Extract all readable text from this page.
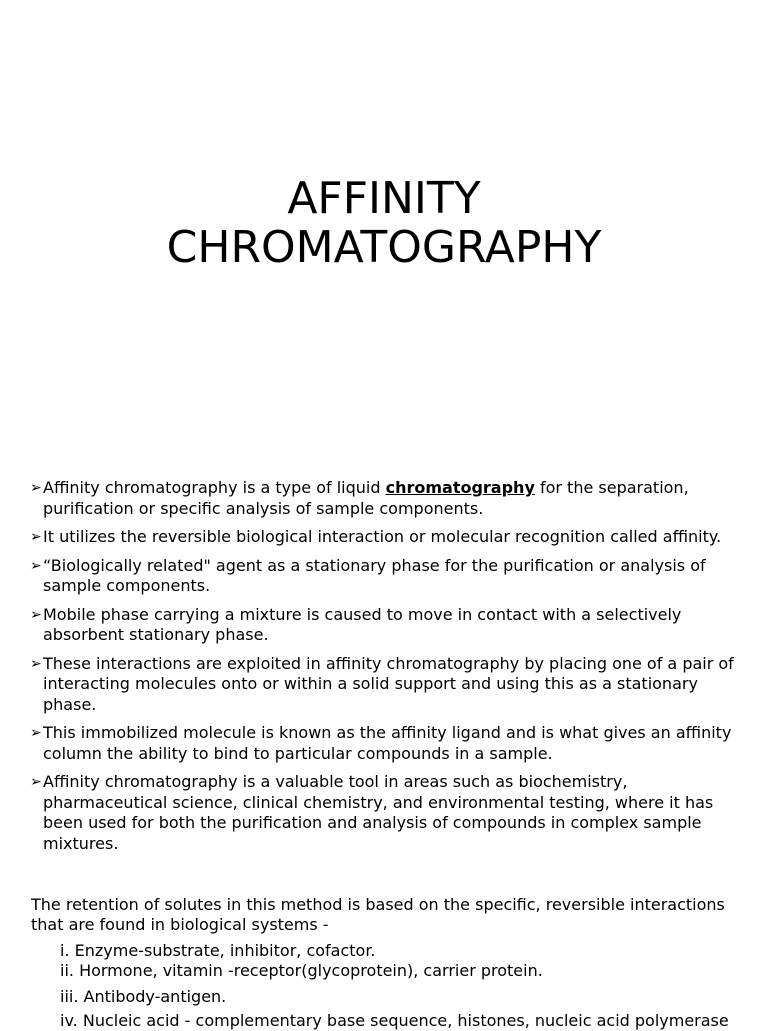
AFFINITY
CHROMATOGRAPHY
➢ Affinity chromatography is a type of liquid chromatography for the separation, purification or specific analysis of sample components.
➢ It utilizes the reversible biological interaction or molecular recognition called affinity.
➢ “Biologically related" agent as a stationary phase for the purification or analysis of sample components.
➢ Mobile phase carrying a mixture is caused to move in contact with a selectively absorbent stationary phase.
➢ These interactions are exploited in affinity chromatography by placing one of a pair of interacting molecules onto or within a solid support and using this as a stationary phase.
➢ This immobilized molecule is known as the affinity ligand and is what gives an affinity column the ability to bind to particular compounds in a sample.
➢ Affinity chromatography is a valuable tool in areas such as biochemistry, pharmaceutical science, clinical chemistry, and environmental testing, where it has been used for both the purification and analysis of compounds in complex sample mixtures.
The retention of solutes in this method is based on the specific, reversible interactions that are found in biological systems -
i. Enzyme-substrate, inhibitor, cofactor.
ii. Hormone, vitamin -receptor(glycoprotein), carrier protein.
iii. Antibody-antigen.
iv. Nucleic acid - complementary base sequence, histones, nucleic acid polymerase
